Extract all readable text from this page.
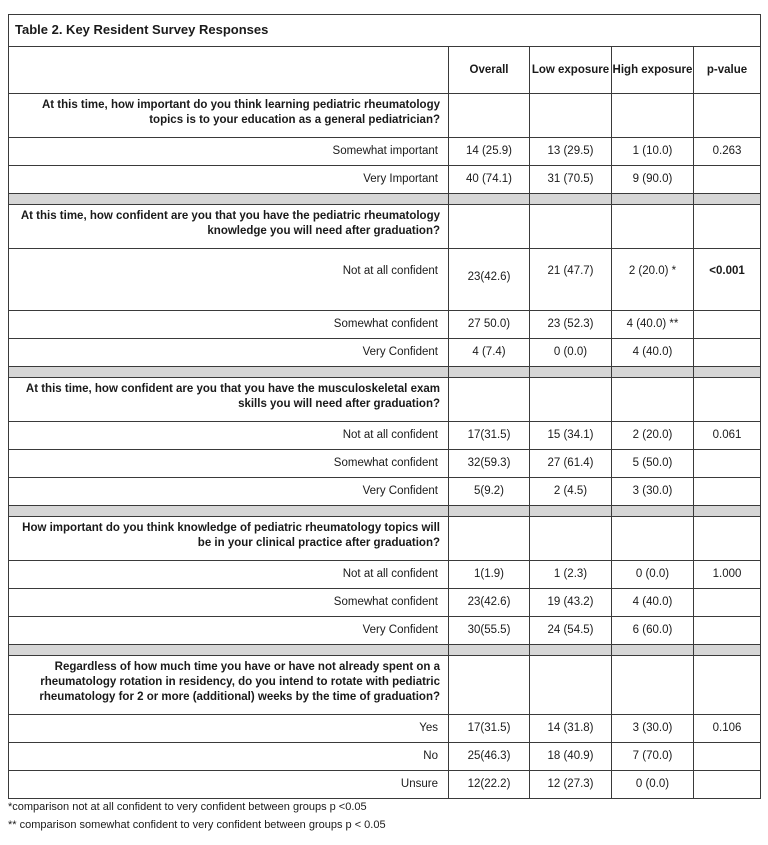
Table 2. Key Resident Survey Responses				
	Overall	Low exposure	High exposure	p-value
At this time, how important do you think learning pediatric rheumatology topics is to your education as a general pediatrician?				
Somewhat important	14 (25.9)	13 (29.5)	1 (10.0)	0.263
Very Important	40 (74.1)	31 (70.5)	9 (90.0)	

At this time, how confident are you that you have the pediatric rheumatology knowledge you will need after graduation?				
Not at all confident	23(42.6)	21 (47.7)	2 (20.0) *	<0.001
Somewhat confident	27 50.0)	23 (52.3)	4 (40.0) **	
Very Confident	4 (7.4)	0 (0.0)	4 (40.0)	

At this time, how confident are you that you have the musculoskeletal exam skills you will need after graduation?				
Not at all confident	17(31.5)	15 (34.1)	2 (20.0)	0.061
Somewhat confident	32(59.3)	27 (61.4)	5 (50.0)	
Very Confident	5(9.2)	2 (4.5)	3 (30.0)	

How important do you think knowledge of pediatric rheumatology topics will be in your clinical practice after graduation?				
Not at all confident	1(1.9)	1 (2.3)	0 (0.0)	1.000
Somewhat confident	23(42.6)	19 (43.2)	4 (40.0)	
Very Confident	30(55.5)	24 (54.5)	6 (60.0)	

Regardless of how much time you have or have not already spent on a rheumatology rotation in residency, do you intend to rotate with pediatric rheumatology for 2 or more (additional) weeks by the time of graduation?				
Yes	17(31.5)	14 (31.8)	3 (30.0)	0.106
No	25(46.3)	18 (40.9)	7 (70.0)	
Unsure	12(22.2)	12 (27.3)	0 (0.0)	
*comparison not at all confident to very confident between groups p <0.05
** comparison somewhat confident to very confident between groups p < 0.05
